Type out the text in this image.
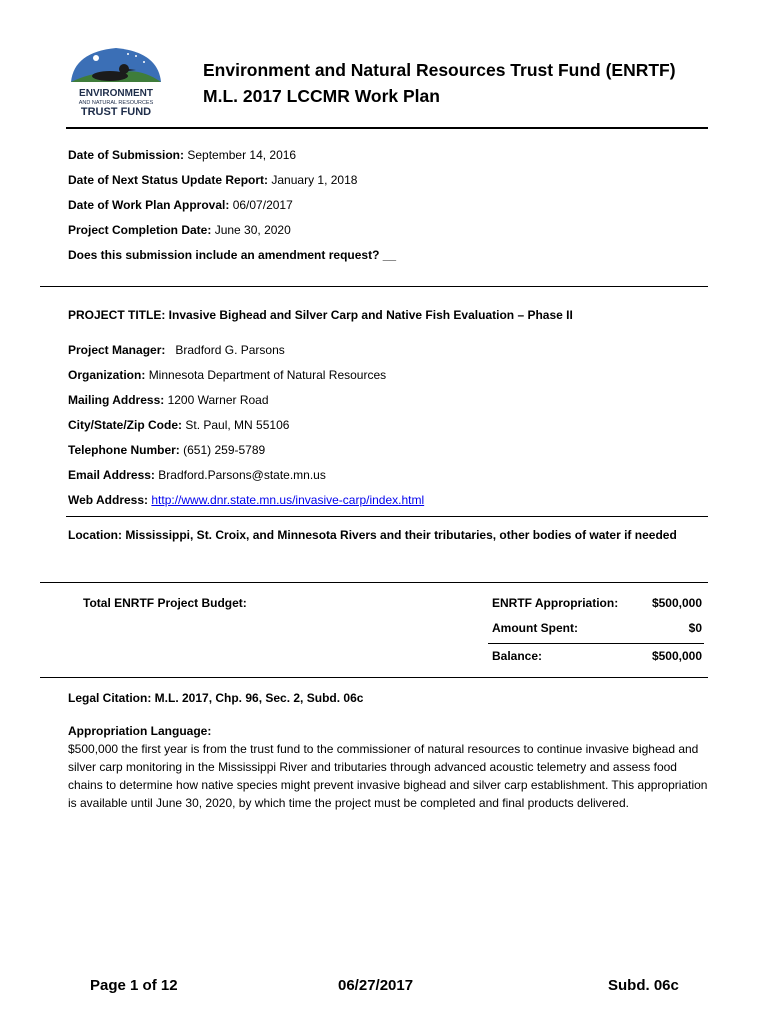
ENVIRONMENT
AND NATURAL RESOURCES
TRUST FUND
Environment and Natural Resources Trust Fund (ENRTF)
M.L. 2017 LCCMR Work Plan
Date of Submission: September 14, 2016
Date of Next Status Update Report: January 1, 2018
Date of Work Plan Approval: 06/07/2017
Project Completion Date: June 30, 2020
Does this submission include an amendment request? __
PROJECT TITLE: Invasive Bighead and Silver Carp and Native Fish Evaluation – Phase II
Project Manager: Bradford G. Parsons
Organization: Minnesota Department of Natural Resources
Mailing Address: 1200 Warner Road
City/State/Zip Code: St. Paul, MN 55106
Telephone Number: (651) 259-5789
Email Address: Bradford.Parsons@state.mn.us
Web Address: http://www.dnr.state.mn.us/invasive-carp/index.html
Location: Mississippi, St. Croix, and Minnesota Rivers and their tributaries, other bodies of water if needed
Total ENRTF Project Budget:	ENRTF Appropriation:	$500,000
Amount Spent:	$0
Balance:	$500,000
Legal Citation: M.L. 2017, Chp. 96, Sec. 2, Subd. 06c
Appropriation Language:
$500,000 the first year is from the trust fund to the commissioner of natural resources to continue invasive bighead and silver carp monitoring in the Mississippi River and tributaries through advanced acoustic telemetry and assess food chains to determine how native species might prevent invasive bighead and silver carp establishment. This appropriation is available until June 30, 2020, by which time the project must be completed and final products delivered.
Page 1 of 12	06/27/2017	Subd. 06c
